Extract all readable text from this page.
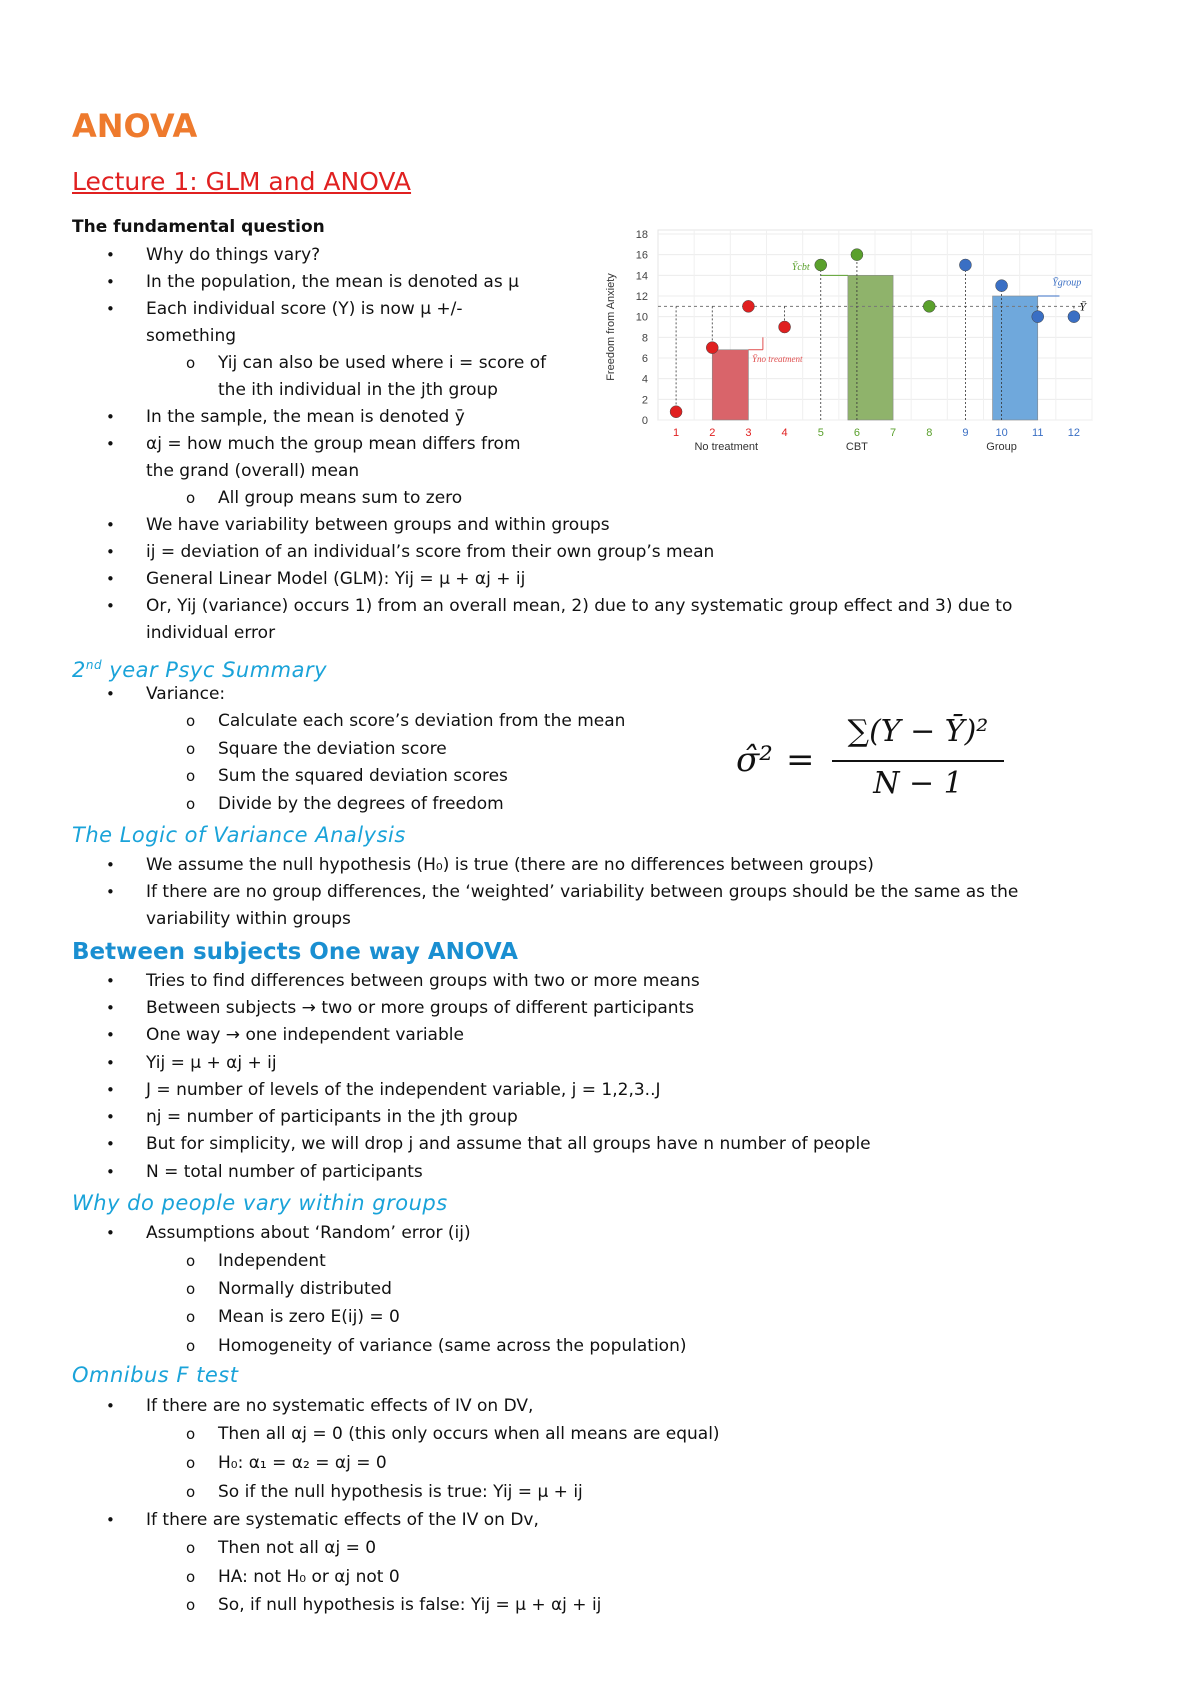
ANOVA
Lecture 1: GLM and ANOVA
The fundamental question
• Why do things vary?
• In the population, the mean is denoted as μ
• Each individual score (Y) is now μ +/-
something
o Yij can also be used where i = score of
the ith individual in the jth group
• In the sample, the mean is denoted ȳ
• αj = how much the group mean differs from
the grand (overall) mean
o All group means sum to zero
• We have variability between groups and within groups
• ij = deviation of an individual’s score from their own group’s mean
• General Linear Model (GLM): Yij = μ + αj + ij
• Or, Yij (variance) occurs 1) from an overall mean, 2) due to any systematic group effect and 3) due to
individual error
0
2
4
6
8
10
12
14
16
18
Freedom from Anxiety
1	2	3	4	5	6	7	8	9 10 11 12
No treatment	CBT	Group
Ȳcbt
Ȳno treatment
Ȳgroup
Ȳ
2nd year Psyc Summary
• Variance:
o Calculate each score’s deviation from the mean
o Square the deviation score
o Sum the squared deviation scores
o Divide by the degrees of freedom
σ̂² =
∑(Y − Ȳ)²
N − 1
The Logic of Variance Analysis
• We assume the null hypothesis (H₀) is true (there are no differences between groups)
• If there are no group differences, the ‘weighted’ variability between groups should be the same as the
variability within groups
Between subjects One way ANOVA
• Tries to find differences between groups with two or more means
• Between subjects → two or more groups of different participants
• One way → one independent variable
• Yij = μ + αj + ij
• J = number of levels of the independent variable, j = 1,2,3..J
• nj = number of participants in the jth group
• But for simplicity, we will drop j and assume that all groups have n number of people
• N = total number of participants
Why do people vary within groups
• Assumptions about ‘Random’ error (ij)
o Independent
o Normally distributed
o Mean is zero E(ij) = 0
o Homogeneity of variance (same across the population)
Omnibus F test
• If there are no systematic effects of IV on DV,
o Then all αj = 0 (this only occurs when all means are equal)
o H₀: α₁ = α₂ = αj = 0
o So if the null hypothesis is true: Yij = μ + ij
• If there are systematic effects of the IV on Dv,
o Then not all αj = 0
o HA: not H₀ or αj not 0
o So, if null hypothesis is false: Yij = μ + αj + ij
